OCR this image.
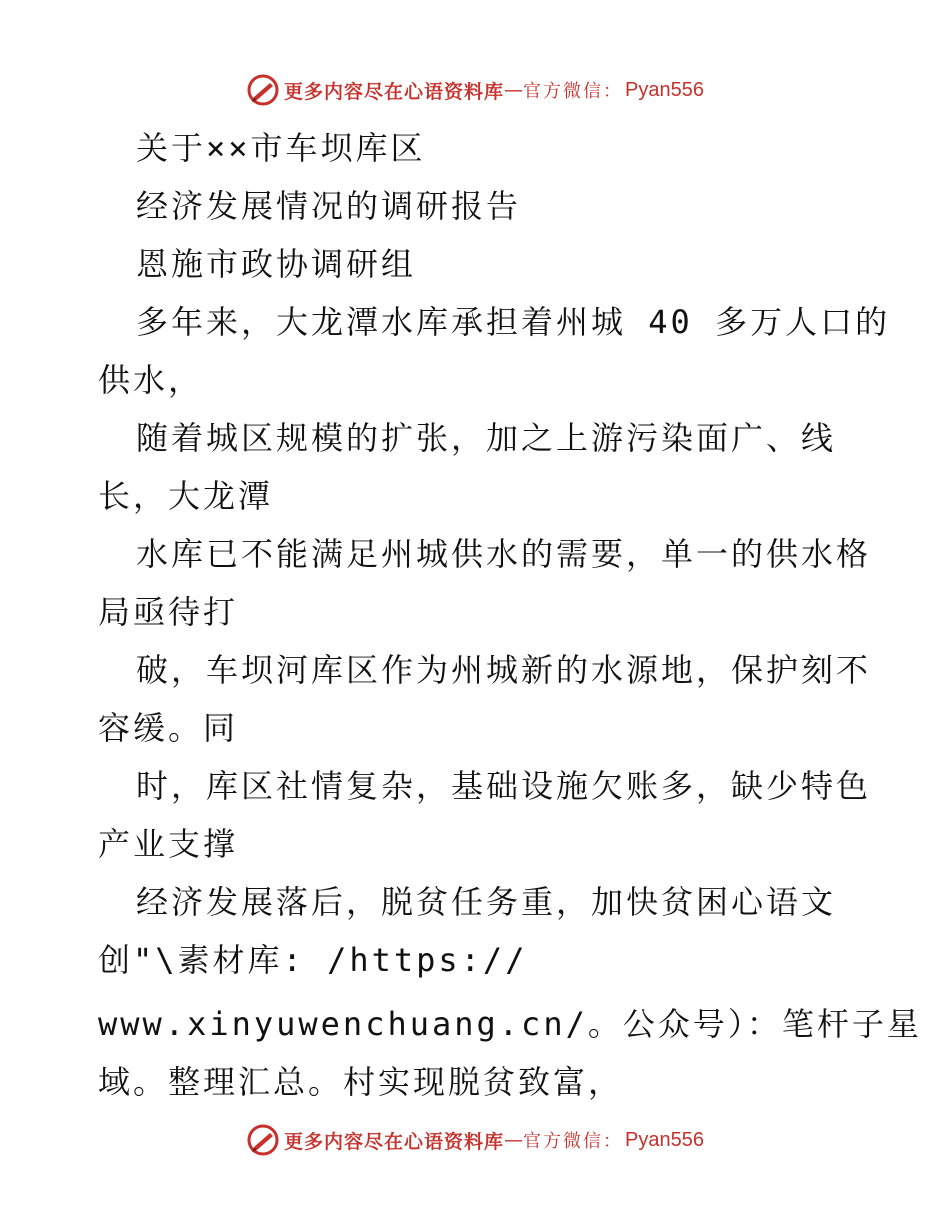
更多内容尽在心语资料库 — 官方微信： Pyan556
关于××市车坝库区
经济发展情况的调研报告
恩施市政协调研组
多年来，大龙潭水库承担着州城 40 多万人口的
供水，
随着城区规模的扩张，加之上游污染面广、线
长，大龙潭
水库已不能满足州城供水的需要，单一的供水格
局亟待打
破，车坝河库区作为州城新的水源地，保护刻不
容缓。同
时，库区社情复杂，基础设施欠账多，缺少特色
产业支撑
经济发展落后，脱贫任务重，加快贫困心语文
创"\素材库: /https://
www.xinyuwenchuang.cn/。公众号）：笔杆子星
域。整理汇总。村实现脱贫致富，
更多内容尽在心语资料库 — 官方微信： Pyan556
